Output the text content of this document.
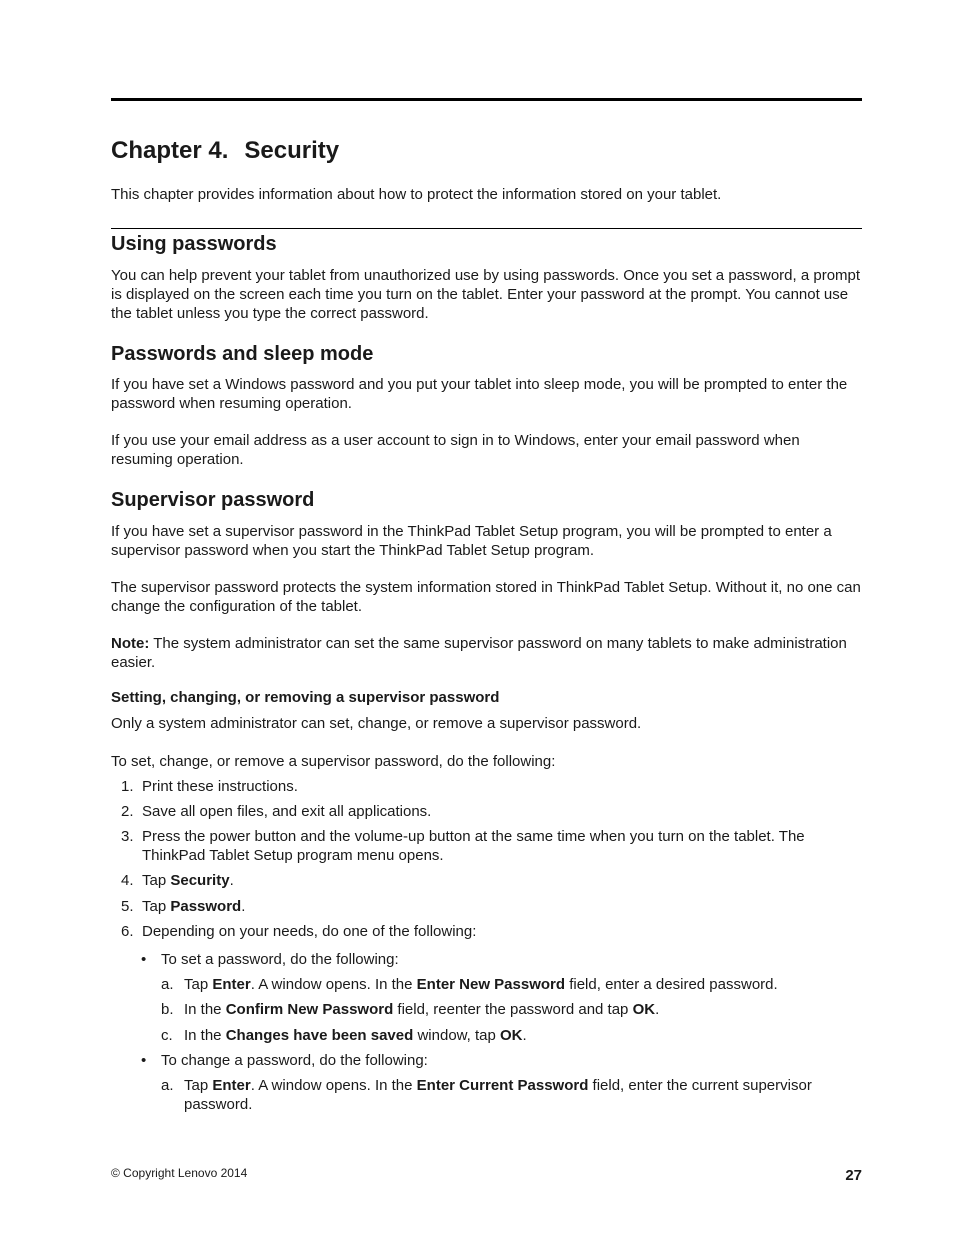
Chapter 4. Security

This chapter provides information about how to protect the information stored on your tablet.

Using passwords

You can help prevent your tablet from unauthorized use by using passwords. Once you set a password, a prompt is displayed on the screen each time you turn on the tablet. Enter your password at the prompt. You cannot use the tablet unless you type the correct password.

Passwords and sleep mode

If you have set a Windows password and you put your tablet into sleep mode, you will be prompted to enter the password when resuming operation.

If you use your email address as a user account to sign in to Windows, enter your email password when resuming operation.

Supervisor password

If you have set a supervisor password in the ThinkPad Tablet Setup program, you will be prompted to enter a supervisor password when you start the ThinkPad Tablet Setup program.

The supervisor password protects the system information stored in ThinkPad Tablet Setup. Without it, no one can change the configuration of the tablet.

Note: The system administrator can set the same supervisor password on many tablets to make administration easier.

Setting, changing, or removing a supervisor password

Only a system administrator can set, change, or remove a supervisor password.

To set, change, or remove a supervisor password, do the following:

1. Print these instructions.
2. Save all open files, and exit all applications.
3. Press the power button and the volume-up button at the same time when you turn on the tablet. The ThinkPad Tablet Setup program menu opens.
4. Tap Security.
5. Tap Password.
6. Depending on your needs, do one of the following:
• To set a password, do the following:
a. Tap Enter. A window opens. In the Enter New Password field, enter a desired password.
b. In the Confirm New Password field, reenter the password and tap OK.
c. In the Changes have been saved window, tap OK.
• To change a password, do the following:
a. Tap Enter. A window opens. In the Enter Current Password field, enter the current supervisor password.
© Copyright Lenovo 2014	27
